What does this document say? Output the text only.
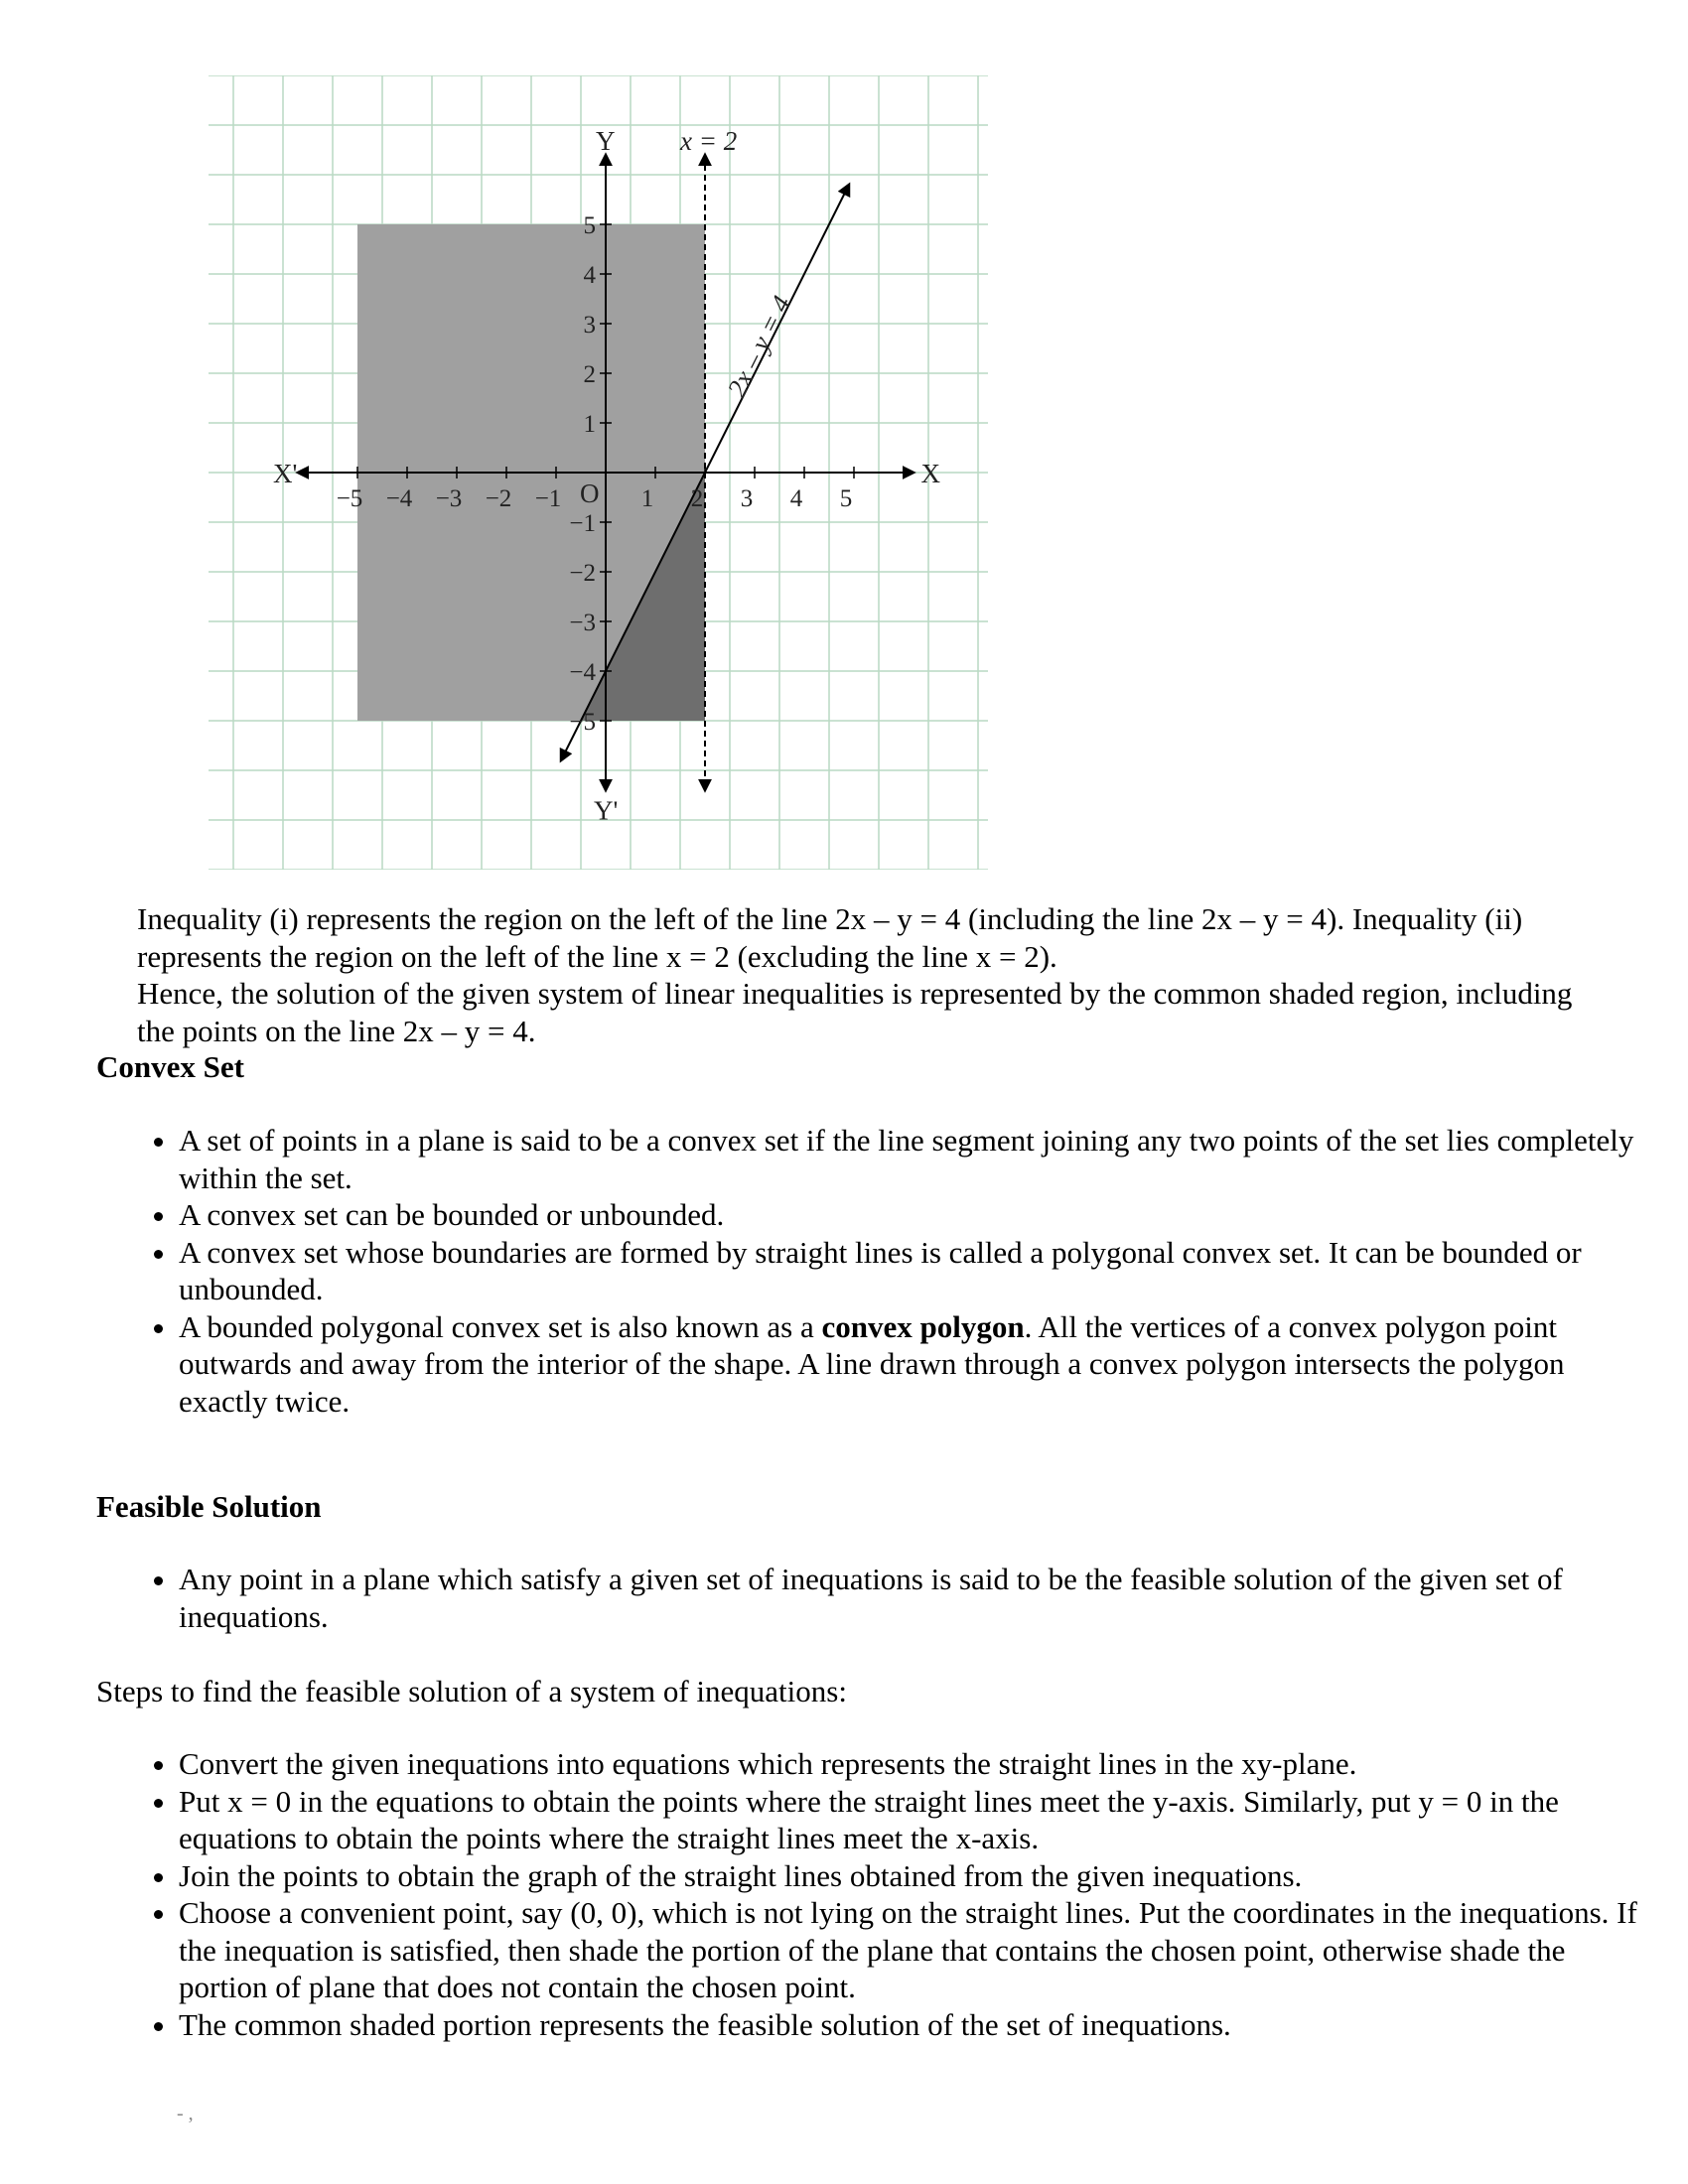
−5 −4 −3 −2 −1	1 2 3 4 5
5
4
3
2
1
−1
−2
−3
−4
−5
X
X'
Y
Y'
O
x = 2
2x – y = 4

Inequality (i) represents the region on the left of the line 2x – y = 4 (including the line 2x – y = 4). Inequality (ii) represents the region on the left of the line x = 2 (excluding the line x = 2).

Hence, the solution of the given system of linear inequalities is represented by the common shaded region, including the points on the line 2x – y = 4.

Convex Set
• A set of points in a plane is said to be a convex set if the line segment joining any two points of the set lies completely within the set.
• A convex set can be bounded or unbounded.
• A convex set whose boundaries are formed by straight lines is called a polygonal convex set. It can be bounded or unbounded.
• A bounded polygonal convex set is also known as a convex polygon. All the vertices of a convex polygon point outwards and away from the interior of the shape. A line drawn through a convex polygon intersects the polygon exactly twice.
Feasible Solution
• Any point in a plane which satisfy a given set of inequations is said to be the feasible solution of the given set of inequations.

Steps to find the feasible solution of a system of inequations:

• Convert the given inequations into equations which represents the straight lines in the xy-plane.
• Put x = 0 in the equations to obtain the points where the straight lines meet the y-axis. Similarly, put y = 0 in the equations to obtain the points where the straight lines meet the x-axis.
• Join the points to obtain the graph of the straight lines obtained from the given inequations.
• Choose a convenient point, say (0, 0), which is not lying on the straight lines. Put the coordinates in the inequations. If the inequation is satisfied, then shade the portion of the plane that contains the chosen point, otherwise shade the portion of plane that does not contain the chosen point.
• The common shaded portion represents the feasible solution of the set of inequations.
- ,
